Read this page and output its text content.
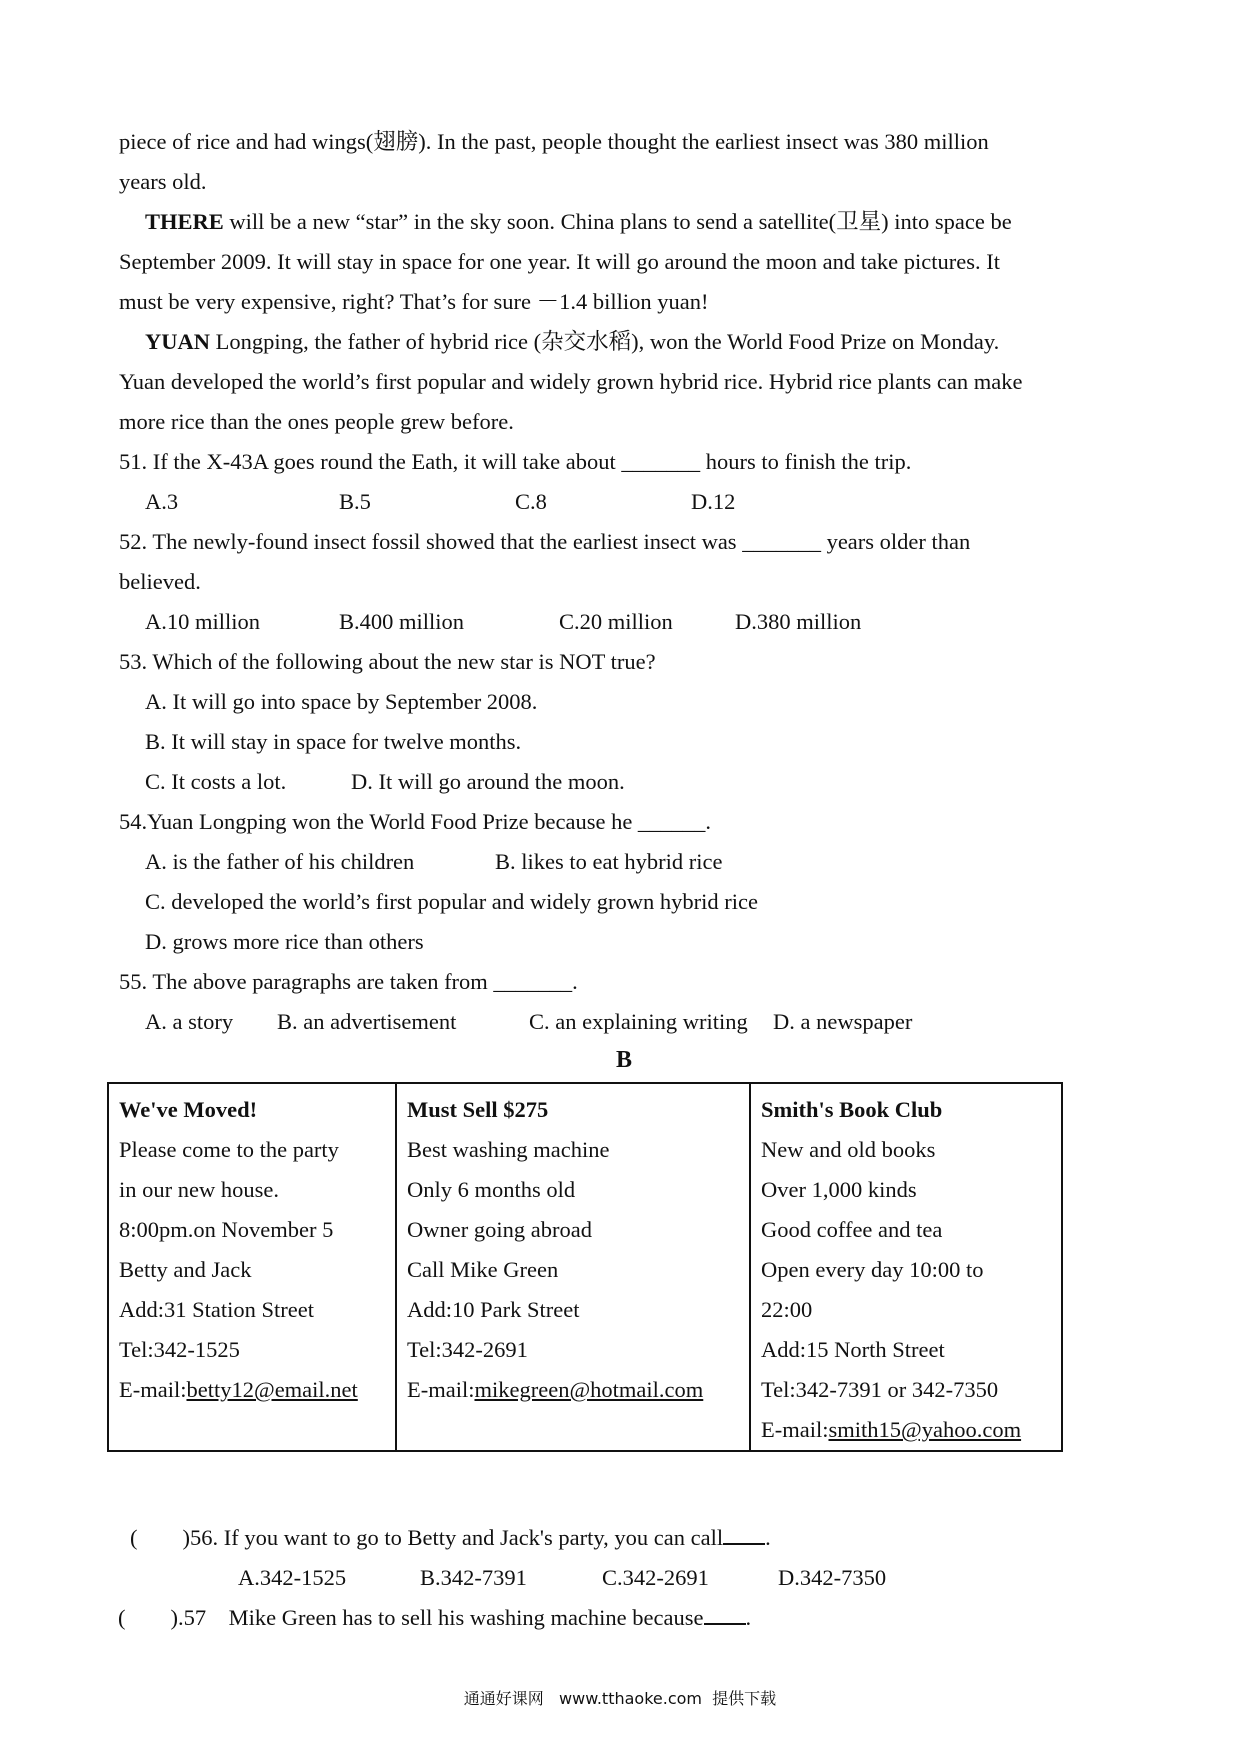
piece of rice and had wings(翅膀). In the past, people thought the earliest insect was 380 million
years old.
THERE will be a new “star” in the sky soon. China plans to send a satellite(卫星) into space be
September 2009. It will stay in space for one year. It will go around the moon and take pictures. It
must be very expensive, right? That’s for sure －1.4 billion yuan!
YUAN Longping, the father of hybrid rice (杂交水稻), won the World Food Prize on Monday.
Yuan developed the world’s first popular and widely grown hybrid rice. Hybrid rice plants can make
more rice than the ones people grew before.
51. If the X-43A goes round the Eath, it will take about _______ hours to finish the trip.
A.3	B.5	C.8	D.12
52. The newly-found insect fossil showed that the earliest insect was _______ years older than
believed.
A.10 million	B.400 million	C.20 million	D.380 million
53. Which of the following about the new star is NOT true?
A. It will go into space by September 2008.
B. It will stay in space for twelve months.
C. It costs a lot.	D. It will go around the moon.
54.Yuan Longping won the World Food Prize because he ______.
A. is the father of his children	B. likes to eat hybrid rice
C. developed the world’s first popular and widely grown hybrid rice
D. grows more rice than others
55. The above paragraphs are taken from _______.
A. a story B. an advertisement	C. an explaining writing D. a newspaper
B
We've Moved!
Please come to the party
in our new house.
8:00pm.on November 5
Betty and Jack
Add:31 Station Street
Tel:342-1525
E-mail:betty12@email.net

Must Sell $275
Best washing machine
Only 6 months old
Owner going abroad
Call Mike Green
Add:10 Park Street
Tel:342-2691
E-mail:mikegreen@hotmail.com

Smith's Book Club
New and old books
Over 1,000 kinds
Good coffee and tea
Open every day 10:00 to
22:00
Add:15 North Street
Tel:342-7391 or 342-7350
E-mail:smith15@yahoo.com
(        )56. If you want to go to Betty and Jack's party, you can call .
A.342-1525	B.342-7391	C.342-2691	D.342-7350
(        ).57    Mike Green has to sell his washing machine because .
通通好课网   www.tthaoke.com  提供下载
